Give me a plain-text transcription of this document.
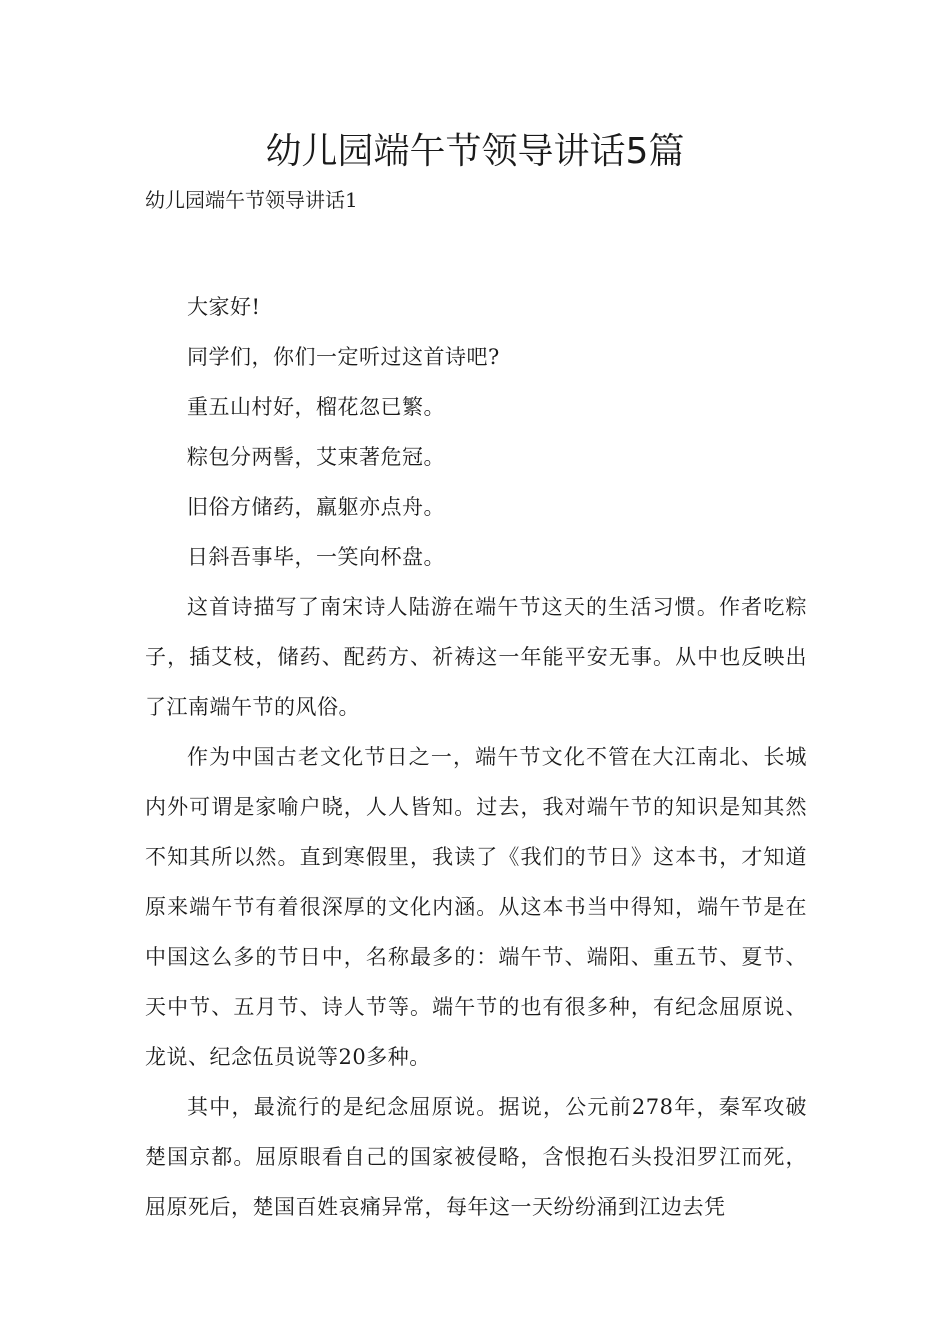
幼儿园端午节领导讲话5篇

幼儿园端午节领导讲话1

大家好!

同学们，你们一定听过这首诗吧?

重五山村好，榴花忽已繁。

粽包分两髻，艾束著危冠。

旧俗方储药，羸躯亦点舟。

日斜吾事毕，一笑向杯盘。

这首诗描写了南宋诗人陆游在端午节这天的生活习惯。作者吃粽子，插艾枝，储药、配药方、祈祷这一年能平安无事。从中也反映出了江南端午节的风俗。

作为中国古老文化节日之一，端午节文化不管在大江南北、长城内外可谓是家喻户晓，人人皆知。过去，我对端午节的知识是知其然不知其所以然。直到寒假里，我读了《我们的节日》这本书，才知道原来端午节有着很深厚的文化内涵。从这本书当中得知，端午节是在中国这么多的节日中，名称最多的：端午节、端阳、重五节、夏节、天中节、五月节、诗人节等。端午节的也有很多种，有纪念屈原说、龙说、纪念伍员说等20多种。

其中，最流行的是纪念屈原说。据说，公元前278年，秦军攻破楚国京都。屈原眼看自己的国家被侵略，含恨抱石头投汨罗江而死，屈原死后，楚国百姓哀痛异常，每年这一天纷纷涌到江边去凭
